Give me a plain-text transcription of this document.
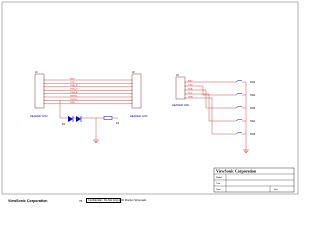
J1
HEADER 12X2
J2
HEADER 12X2
RXD
TXD
VGA_R
VGA_G
VGA_B
HSYNC
VSYNC
GND
D1	R1
J3
HEADER 10X1
RXD	SW1
TXD
SW2
SDA
SW3
SCL
SW4
GND
SW5
ViewSonic Corporation
Model
Title
Date	Rev
ViewSonic Corporation	76	Confidential - Do Not Copy LCD Monitor Schematic
